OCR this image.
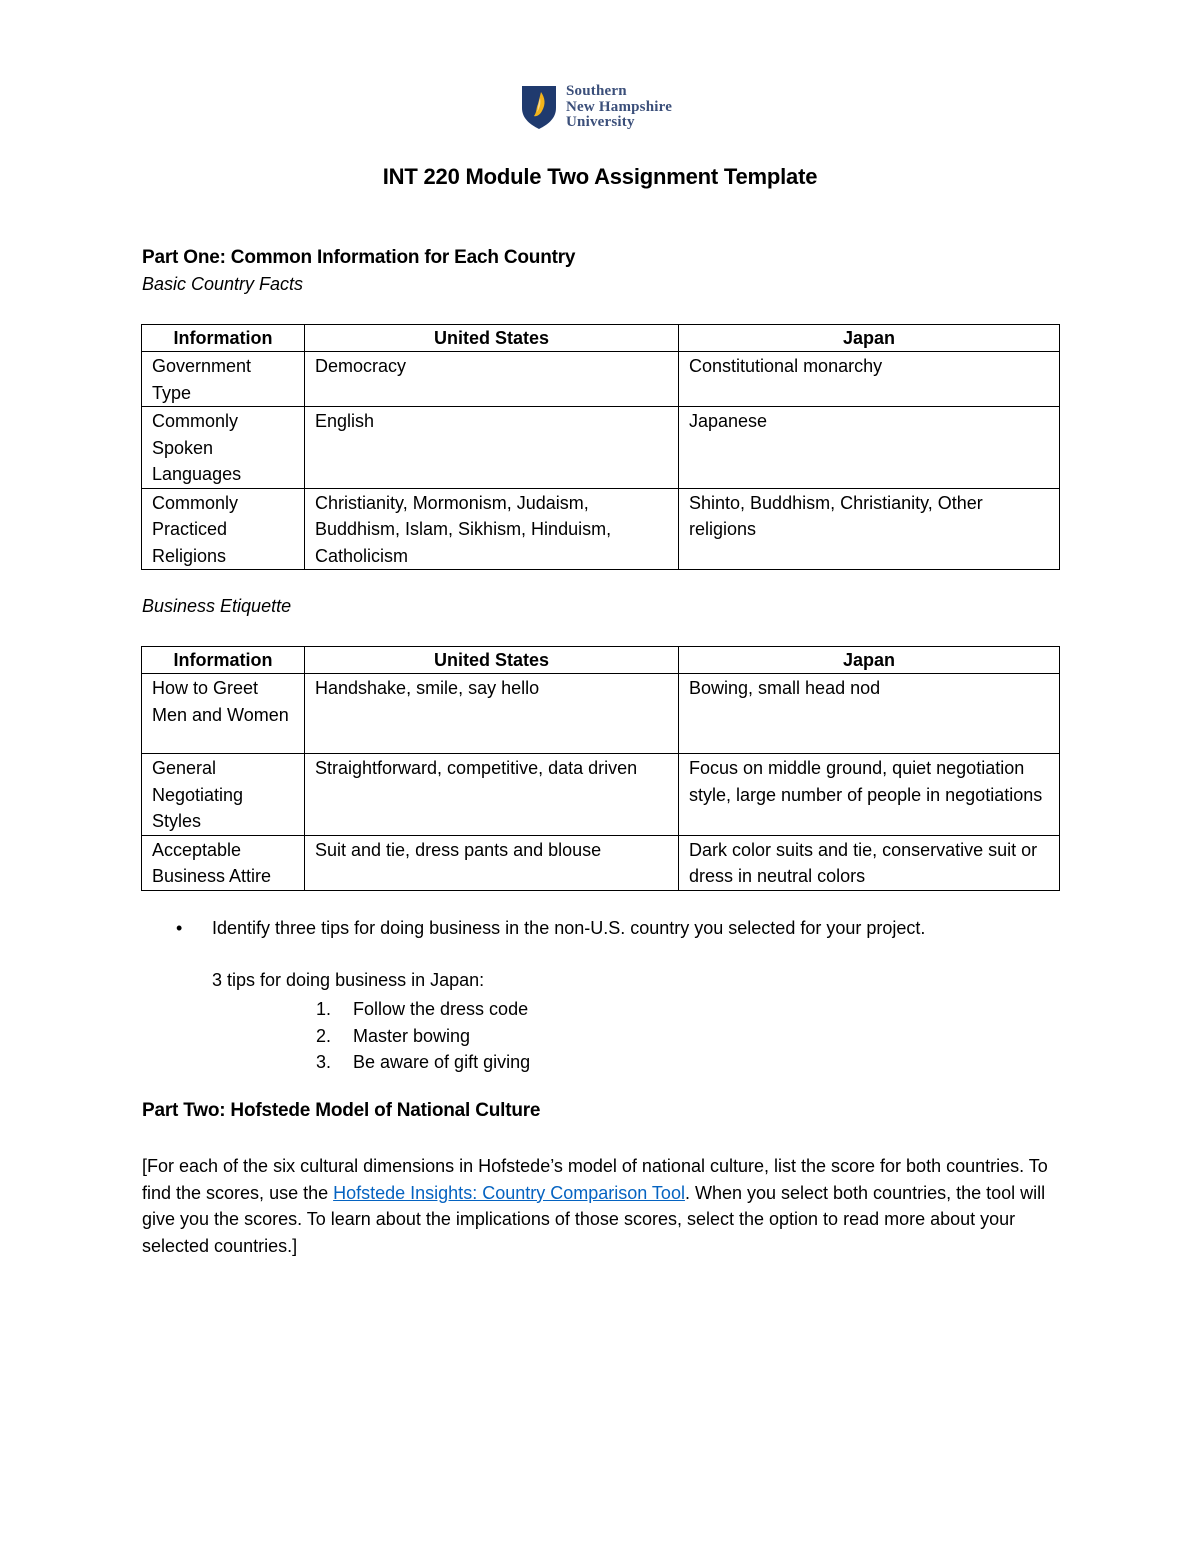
Southern
New Hampshire
University
INT 220 Module Two Assignment Template
Part One: Common Information for Each Country
Basic Country Facts
Information	United States	Japan
Government Type	Democracy	Constitutional monarchy
Commonly Spoken Languages	English	Japanese
Commonly Practiced Religions	Christianity, Mormonism, Judaism, Buddhism, Islam, Sikhism, Hinduism, Catholicism	Shinto, Buddhism, Christianity, Other religions
Business Etiquette
Information	United States	Japan
How to Greet Men and Women	Handshake, smile, say hello	Bowing, small head nod
General Negotiating Styles	Straightforward, competitive, data driven	Focus on middle ground, quiet negotiation style, large number of people in negotiations
Acceptable Business Attire	Suit and tie, dress pants and blouse	Dark color suits and tie, conservative suit or dress in neutral colors
•	Identify three tips for doing business in the non-U.S. country you selected for your project.
3 tips for doing business in Japan:
1.	Follow the dress code
2.	Master bowing
3.	Be aware of gift giving
Part Two: Hofstede Model of National Culture
[For each of the six cultural dimensions in Hofstede’s model of national culture, list the score for both countries. To find the scores, use the Hofstede Insights: Country Comparison Tool. When you select both countries, the tool will give you the scores. To learn about the implications of those scores, select the option to read more about your selected countries.]
